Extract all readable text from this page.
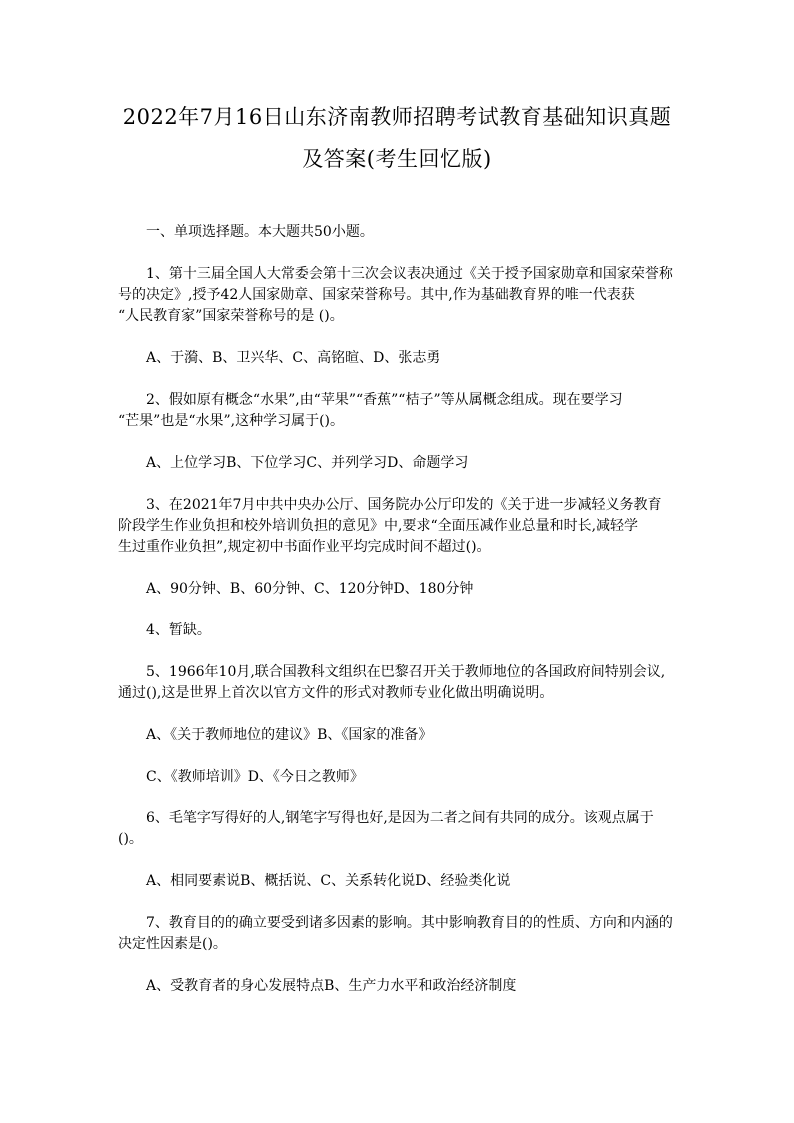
2022年7月16日山东济南教师招聘考试教育基础知识真题
及答案(考生回忆版)
一、单项选择题。本大题共50小题。
1、第十三届全国人大常委会第十三次会议表决通过《关于授予国家勋章和国家荣誉称
号的决定》,授予42人国家勋章、国家荣誉称号。其中,作为基础教育界的唯一代表获
“人民教育家”国家荣誉称号的是 ()。
A、于漪、B、卫兴华、C、高铭暄、D、张志勇
2、假如原有概念“水果”,由“苹果”“香蕉”“桔子”等从属概念组成。现在要学习
“芒果”也是“水果”,这种学习属于()。
A、上位学习B、下位学习C、并列学习D、命题学习
3、在2021年7月中共中央办公厅、国务院办公厅印发的《关于进一步减轻义务教育
阶段学生作业负担和校外培训负担的意见》中,要求“全面压减作业总量和时长,减轻学
生过重作业负担”,规定初中书面作业平均完成时间不超过()。
A、90分钟、B、60分钟、C、120分钟D、180分钟
4、暂缺。
5、1966年10月,联合国教科文组织在巴黎召开关于教师地位的各国政府间特别会议,
通过(),这是世界上首次以官方文件的形式对教师专业化做出明确说明。
A、《关于教师地位的建议》B、《国家的准备》
C、《教师培训》D、《今日之教师》
6、毛笔字写得好的人,钢笔字写得也好,是因为二者之间有共同的成分。该观点属于
()。
A、相同要素说B、概括说、C、关系转化说D、经验类化说
7、教育目的的确立要受到诸多因素的影响。其中影响教育目的的性质、方向和内涵的
决定性因素是()。
A、受教育者的身心发展特点B、生产力水平和政治经济制度
